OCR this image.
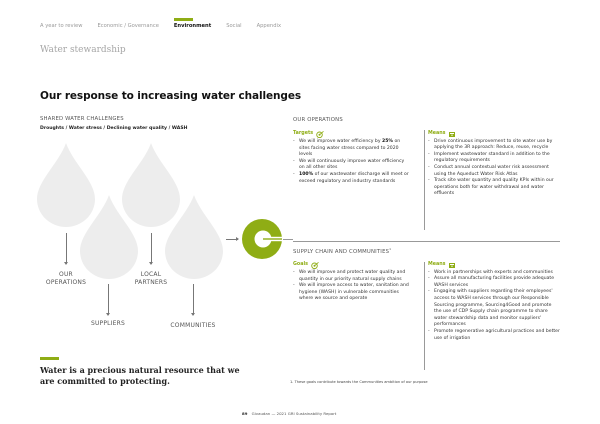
A year to review	Economic / Governance	Environment	Social	Appendix
Water stewardship
Our response to increasing water challenges
SHARED WATER CHALLENGES
Droughts / Water stress / Declining water quality / WASH
OUR
OPERATIONS
LOCAL
PARTNERS
SUPPLIERS	COMMUNITIES
OUR OPERATIONS
Targets
- We will improve water efficiency by 25% on sites facing water stress compared to 2020 levels
- We will continuously improve water efficiency on all other sites
- 100% of our wastewater discharge will meet or exceed regulatory and industry standards
Means
- Drive continuous improvement to site water use by applying the 3R approach: Reduce, reuse, recycle
- Implement wastewater standard in addition to the regulatory requirements
- Conduct annual contextual water risk assessment using the Aqueduct Water Risk Atlas
- Track site water quantity and quality KPIs within our operations both for water withdrawal and water effluents
SUPPLY CHAIN AND COMMUNITIES$^1$
Goals
- We will improve and protect water quality and quantity in our priority natural supply chains
- We will improve access to water, sanitation and hygiene (WASH) in vulnerable communities where we source and operate
Means
- Work in partnerships with experts and communities
- Assure all manufacturing facilities provide adequate WASH services
- Engaging with suppliers regarding their employees' access to WASH services through our Responsible Sourcing programme, Sourcing4Good and promote the use of CDP Supply chain programme to share water stewardship data and monitor suppliers' performances
- Promote regenerative agricultural practices and better use of irrigation
Water is a precious natural resource that we are committed to protecting.	1. These goals contribute towards the Communities ambition of our purpose
89 Givaudan — 2021 GRI Sustainability Report
